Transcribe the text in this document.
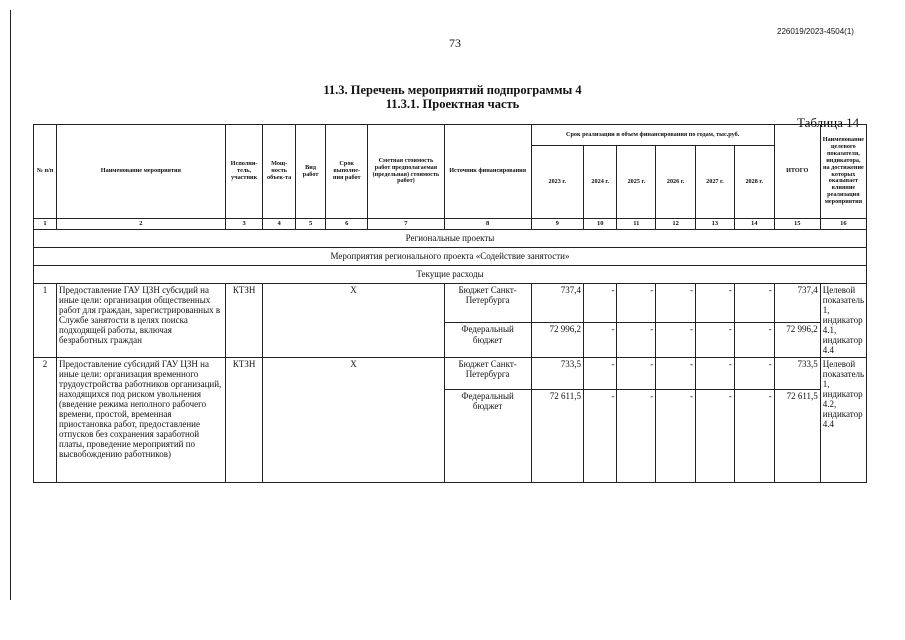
226019/2023-4504(1)
73
11.3. Перечень мероприятий подпрограммы 4
11.3.1. Проектная часть
Таблица 14
№ п/п	Наименование мероприятия	Исполни-тель, участник	Мощ-ность объек-та	Вид работ	Срок выполне-ния работ	Сметная стоимость работ предполагаемая (предельная) стоимость работ)	Источник финансирования	Срок реализации и объем финансирования по годам, тыс.руб.						ИТОГО	Наименование целевого показателя, индикатора, на достижение которых оказывает влияние реализация мероприятия
								2023 г.	2024 г.	2025 г.	2026 г.	2027 г.	2028 г.		
1	2	3	4	5	6	7	8	9	10	11	12	13	14	15	16
Региональные проекты															
Мероприятия регионального проекта «Содействие занятости»															
Текущие расходы															
1	Предоставление ГАУ ЦЗН субсидий на иные цели: организация общественных работ для граждан, зарегистрированных в Службе занятости в целях поиска подходящей работы, включая безработных граждан	КТЗН	Х				Бюджет Санкт-Петербурга	737,4	-	-	-	-	-	737,4	Целевой показатель 1, индикатор 4.1, индикатор 4.4
							Федеральный бюджет	72 996,2	-	-	-	-	-	72 996,2	
2	Предоставление субсидий ГАУ ЦЗН на иные цели: организация временного трудоустройства работников организаций, находящихся под риском увольнения (введение режима неполного рабочего времени, простой, временная приостановка работ, предоставление отпусков без сохранения заработной платы, проведение мероприятий по высвобождению работников)	КТЗН	Х				Бюджет Санкт-Петербурга	733,5	-	-	-	-	-	733,5	Целевой показатель 1, индикатор 4.2, индикатор 4.4
							Федеральный бюджет	72 611,5	-	-	-	-	-	72 611,5	
